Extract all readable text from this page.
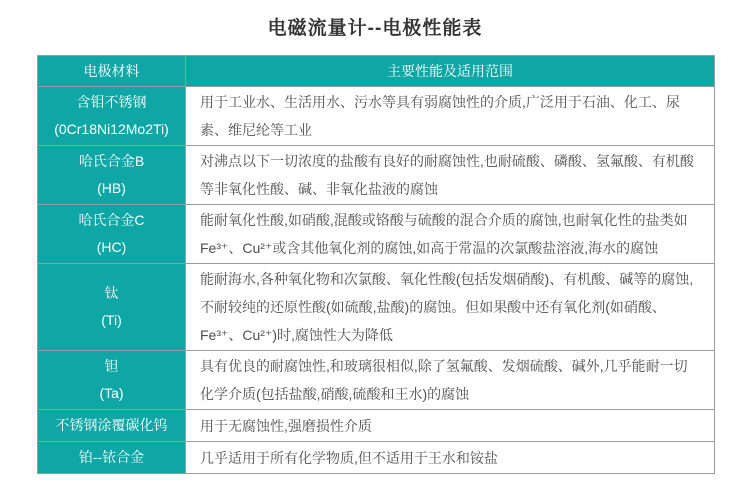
电磁流量计--电极性能表
电极材料	主要性能及适用范围

含钼不锈钢
(0Cr18Ni12Mo2Ti)	用于工业水、生活用水、污水等具有弱腐蚀性的介质,广泛用于石油、化工、尿素、维尼纶等工业

哈氏合金B
(HB)	对沸点以下一切浓度的盐酸有良好的耐腐蚀性,也耐硫酸、磷酸、氢氟酸、有机酸等非氧化性酸、碱、非氧化盐液的腐蚀

哈氏合金C
(HC)	能耐氧化性酸,如硝酸,混酸或铬酸与硫酸的混合介质的腐蚀,也耐氧化性的盐类如Fe³⁺、Cu²⁺或含其他氧化剂的腐蚀,如高于常温的次氯酸盐溶液,海水的腐蚀

钛
(Ti)	能耐海水,各种氧化物和次氯酸、氧化性酸(包括发烟硝酸)、有机酸、碱等的腐蚀,不耐较纯的还原性酸(如硫酸,盐酸)的腐蚀。但如果酸中还有氧化剂(如硝酸、Fe³⁺、Cu²⁺)时,腐蚀性大为降低

钽
(Ta)	具有优良的耐腐蚀性,和玻璃很相似,除了氢氟酸、发烟硫酸、碱外,几乎能耐一切化学介质(包括盐酸,硝酸,硫酸和王水)的腐蚀

不锈钢涂覆碳化钨	用于无腐蚀性,强磨损性介质

铂--铱合金	几乎适用于所有化学物质,但不适用于王水和铵盐
